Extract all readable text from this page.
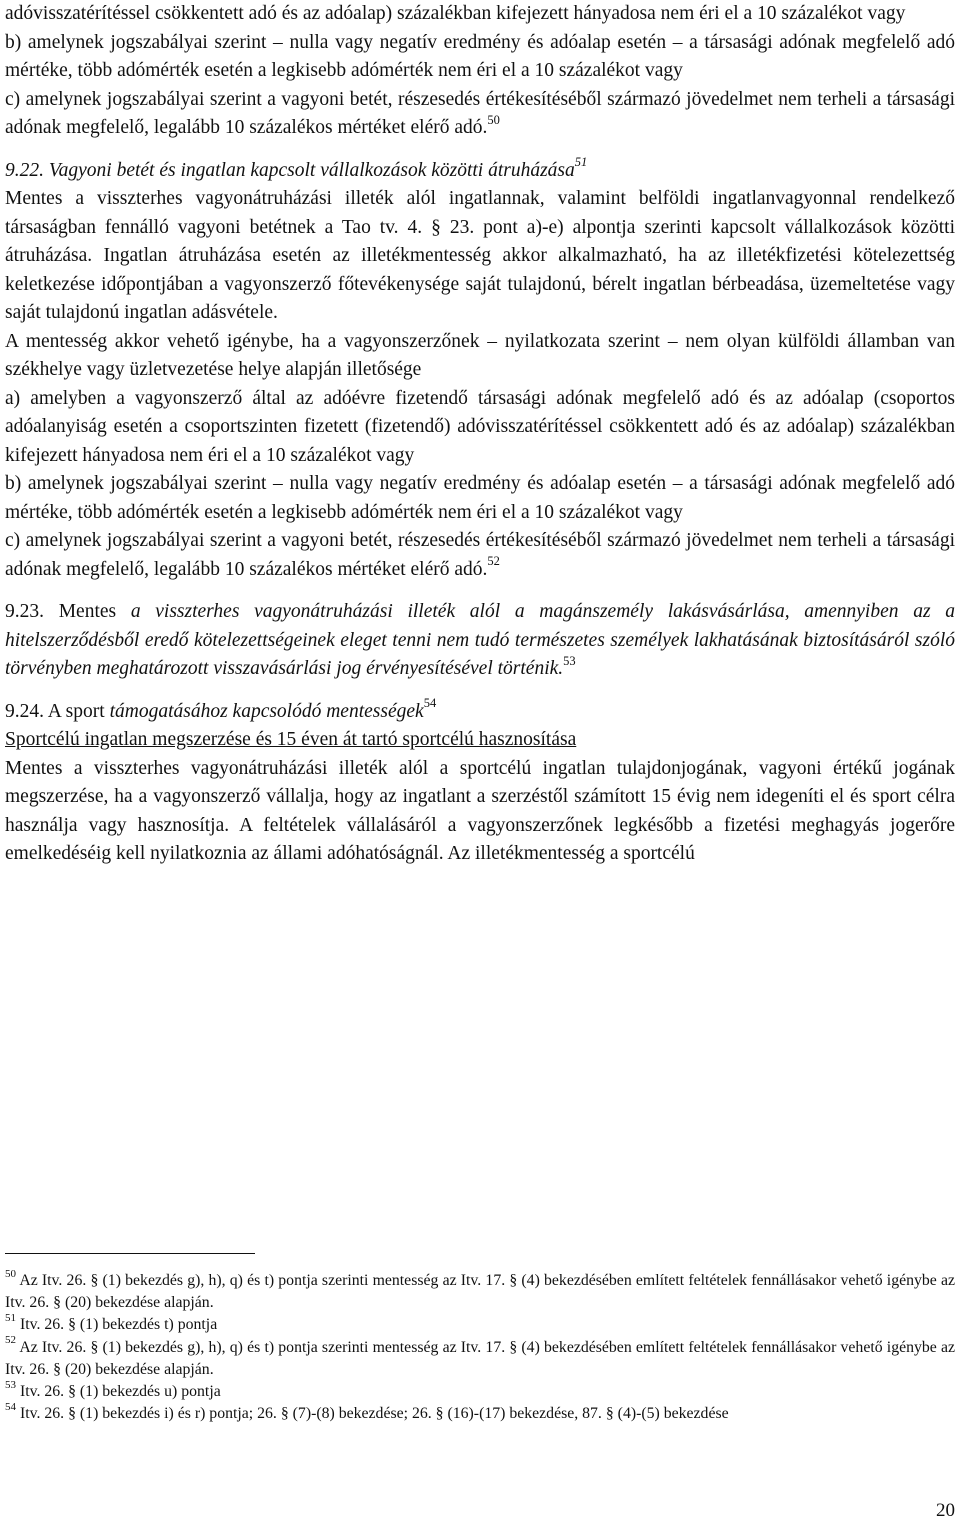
adóvisszatérítéssel csökkentett adó és az adóalap) százalékban kifejezett hányadosa nem éri el a 10 százalékot vagy

b) amelynek jogszabályai szerint – nulla vagy negatív eredmény és adóalap esetén – a társasági adónak megfelelő adó mértéke, több adómérték esetén a legkisebb adómérték nem éri el a 10 százalékot vagy

c) amelynek jogszabályai szerint a vagyoni betét, részesedés értékesítéséből származó jövedelmet nem terheli a társasági adónak megfelelő, legalább 10 százalékos mértéket elérő adó.$^{50}$

9.22. Vagyoni betét és ingatlan kapcsolt vállalkozások közötti átruházása$^{51}$

Mentes a visszterhes vagyonátruházási illeték alól ingatlannak, valamint belföldi ingatlanvagyonnal rendelkező társaságban fennálló vagyoni betétnek a Tao tv. 4. § 23. pont a)-e) alpontja szerinti kapcsolt vállalkozások közötti átruházása. Ingatlan átruházása esetén az illetékmentesség akkor alkalmazható, ha az illetékfizetési kötelezettség keletkezése időpontjában a vagyonszerző főtevékenysége saját tulajdonú, bérelt ingatlan bérbeadása, üzemeltetése vagy saját tulajdonú ingatlan adásvétele.

A mentesség akkor vehető igénybe, ha a vagyonszerzőnek – nyilatkozata szerint – nem olyan külföldi államban van székhelye vagy üzletvezetése helye alapján illetősége

a) amelyben a vagyonszerző által az adóévre fizetendő társasági adónak megfelelő adó és az adóalap (csoportos adóalanyiság esetén a csoportszinten fizetett (fizetendő) adóvisszatérítéssel csökkentett adó és az adóalap) százalékban kifejezett hányadosa nem éri el a 10 százalékot vagy

b) amelynek jogszabályai szerint – nulla vagy negatív eredmény és adóalap esetén – a társasági adónak megfelelő adó mértéke, több adómérték esetén a legkisebb adómérték nem éri el a 10 százalékot vagy

c) amelynek jogszabályai szerint a vagyoni betét, részesedés értékesítéséből származó jövedelmet nem terheli a társasági adónak megfelelő, legalább 10 százalékos mértéket elérő adó.$^{52}$

9.23. Mentes a visszterhes vagyonátruházási illeték alól a magánszemély lakásvásárlása, amennyiben az a hitelszerződésből eredő kötelezettségeinek eleget tenni nem tudó természetes személyek lakhatásának biztosításáról szóló törvényben meghatározott visszavásárlási jog érvényesítésével történik.$^{53}$

9.24. A sport támogatásához kapcsolódó mentességek$^{54}$

Sportcélú ingatlan megszerzése és 15 éven át tartó sportcélú hasznosítása

Mentes a visszterhes vagyonátruházási illeték alól a sportcélú ingatlan tulajdonjogának, vagyoni értékű jogának megszerzése, ha a vagyonszerző vállalja, hogy az ingatlant a szerzéstől számított 15 évig nem idegeníti el és sport célra használja vagy hasznosítja. A feltételek vállalásáról a vagyonszerzőnek legkésőbb a fizetési meghagyás jogerőre emelkedéséig kell nyilatkoznia az állami adóhatóságnál. Az illetékmentesség a sportcélú

$^{50}$ Az Itv. 26. § (1) bekezdés g), h), q) és t) pontja szerinti mentesség az Itv. 17. § (4) bekezdésében említett feltételek fennállásakor vehető igénybe az Itv. 26. § (20) bekezdése alapján.

$^{51}$ Itv. 26. § (1) bekezdés t) pontja

$^{52}$ Az Itv. 26. § (1) bekezdés g), h), q) és t) pontja szerinti mentesség az Itv. 17. § (4) bekezdésében említett feltételek fennállásakor vehető igénybe az Itv. 26. § (20) bekezdése alapján.

$^{53}$ Itv. 26. § (1) bekezdés u) pontja

$^{54}$ Itv. 26. § (1) bekezdés i) és r) pontja; 26. § (7)-(8) bekezdése; 26. § (16)-(17) bekezdése, 87. § (4)-(5) bekezdése

20
